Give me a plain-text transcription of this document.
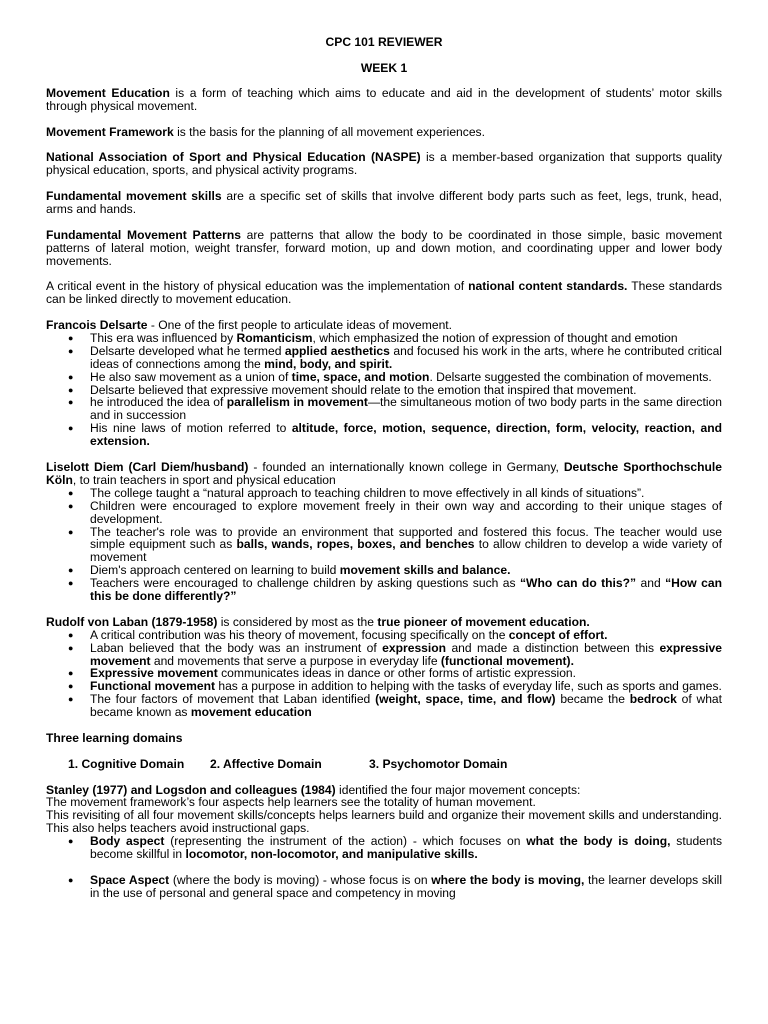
CPC 101 REVIEWER

WEEK 1

Movement Education is a form of teaching which aims to educate and aid in the development of students’ motor skills through physical movement.

Movement Framework is the basis for the planning of all movement experiences.

National Association of Sport and Physical Education (NASPE) is a member-based organization that supports quality physical education, sports, and physical activity programs.

Fundamental movement skills are a specific set of skills that involve different body parts such as feet, legs, trunk, head, arms and hands.

Fundamental Movement Patterns are patterns that allow the body to be coordinated in those simple, basic movement patterns of lateral motion, weight transfer, forward motion, up and down motion, and coordinating upper and lower body movements.

A critical event in the history of physical education was the implementation of national content standards. These standards can be linked directly to movement education.

Francois Delsarte - One of the first people to articulate ideas of movement.

● This era was influenced by Romanticism, which emphasized the notion of expression of thought and emotion
● Delsarte developed what he termed applied aesthetics and focused his work in the arts, where he contributed critical ideas of connections among the mind, body, and spirit.
● He also saw movement as a union of time, space, and motion. Delsarte suggested the combination of movements.
● Delsarte believed that expressive movement should relate to the emotion that inspired that movement.
● he introduced the idea of parallelism in movement—the simultaneous motion of two body parts in the same direction and in succession
● His nine laws of motion referred to altitude, force, motion, sequence, direction, form, velocity, reaction, and extension.

Liselott Diem (Carl Diem/husband) - founded an internationally known college in Germany, Deutsche Sporthochschule Köln, to train teachers in sport and physical education

● The college taught a “natural approach to teaching children to move effectively in all kinds of situations”.
● Children were encouraged to explore movement freely in their own way and according to their unique stages of development.
● The teacher's role was to provide an environment that supported and fostered this focus. The teacher would use simple equipment such as balls, wands, ropes, boxes, and benches to allow children to develop a wide variety of movement
● Diem's approach centered on learning to build movement skills and balance.
● Teachers were encouraged to challenge children by asking questions such as “Who can do this?” and “How can this be done differently?”

Rudolf von Laban (1879-1958) is considered by most as the true pioneer of movement education.

● A critical contribution was his theory of movement, focusing specifically on the concept of effort.
● Laban believed that the body was an instrument of expression and made a distinction between this expressive movement and movements that serve a purpose in everyday life (functional movement).
● Expressive movement communicates ideas in dance or other forms of artistic expression.
● Functional movement has a purpose in addition to helping with the tasks of everyday life, such as sports and games.
● The four factors of movement that Laban identified (weight, space, time, and flow) became the bedrock of what became known as movement education

Three learning domains

1. Cognitive Domain 2. Affective Domain	3. Psychomotor Domain

Stanley (1977) and Logsdon and colleagues (1984) identified the four major movement concepts:

The movement framework’s four aspects help learners see the totality of human movement.

This revisiting of all four movement skills/concepts helps learners build and organize their movement skills and understanding. This also helps teachers avoid instructional gaps.

● Body aspect (representing the instrument of the action) - which focuses on what the body is doing, students become skillful in locomotor, non-locomotor, and manipulative skills.
● Space Aspect (where the body is moving) - whose focus is on where the body is moving, the learner develops skill in the use of personal and general space and competency in moving
